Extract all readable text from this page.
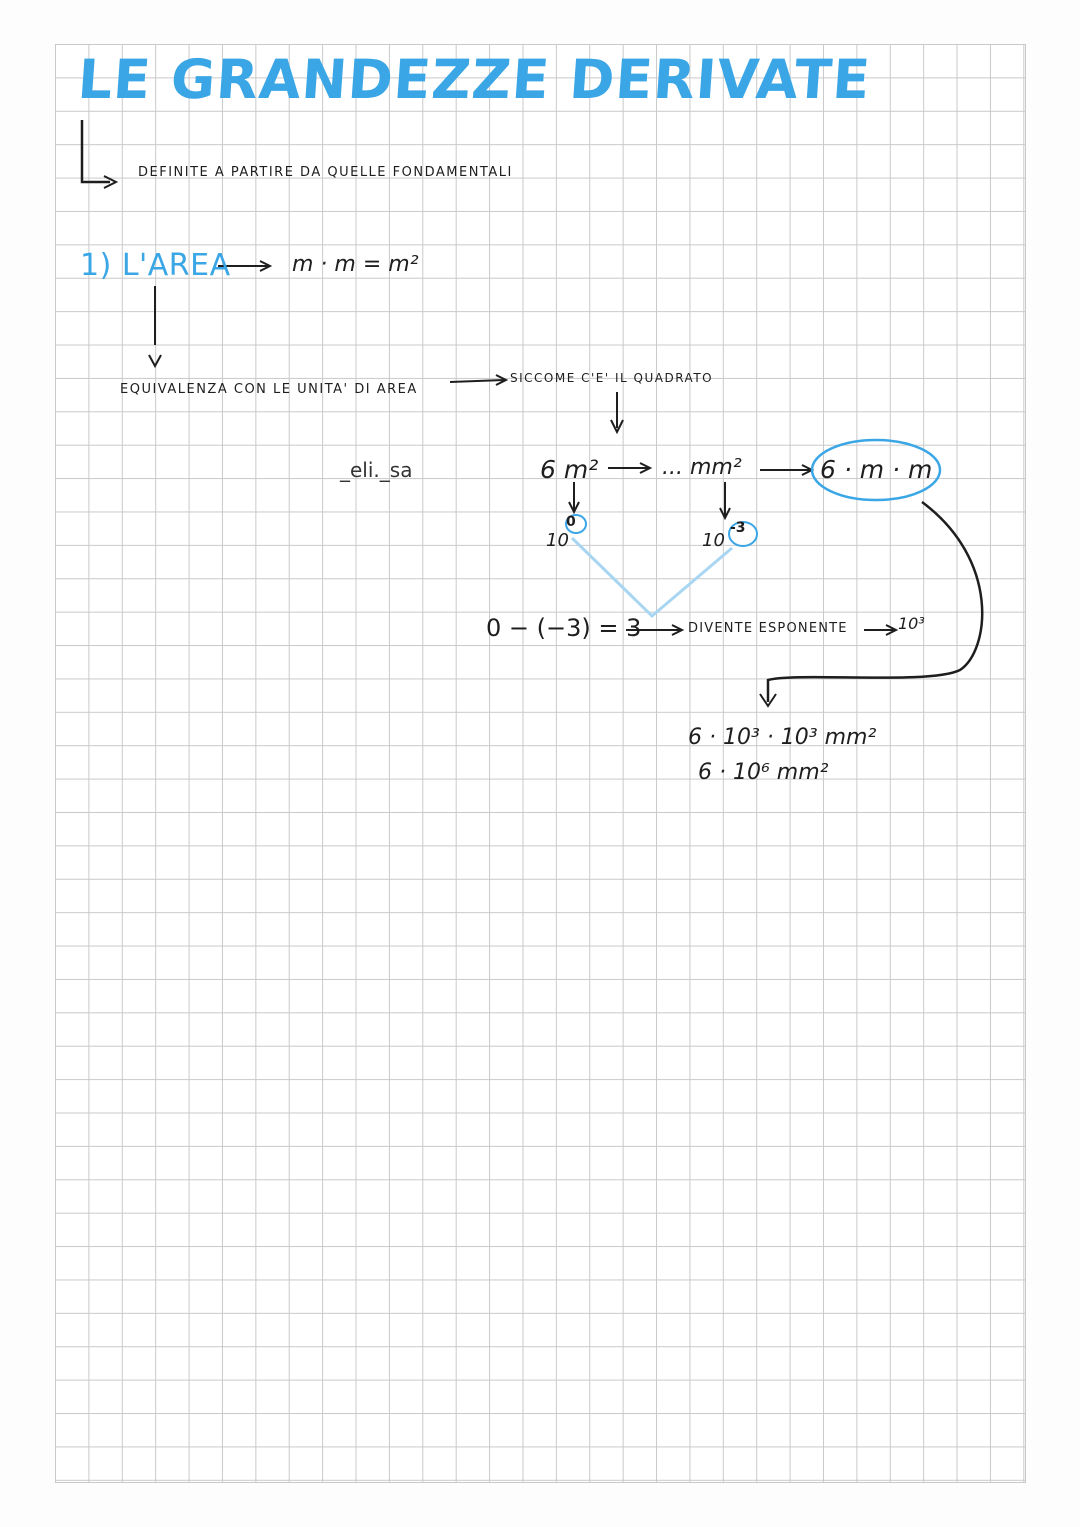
LE GRANDEZZE DERIVATE
DEFINITE A PARTIRE DA QUELLE FONDAMENTALI
1) L'AREA	m · m = m²
EQUIVALENZA CON LE UNITA' DI AREA
SICCOME C'E' IL QUADRATO
_eli._sa	6 m²	... mm²	6 · m · m
10
0
10
-3
0 − (−3) = 3	DIVENTE ESPONENTE	10³
6 · 10³ · 10³ mm²
6 · 10⁶ mm²
